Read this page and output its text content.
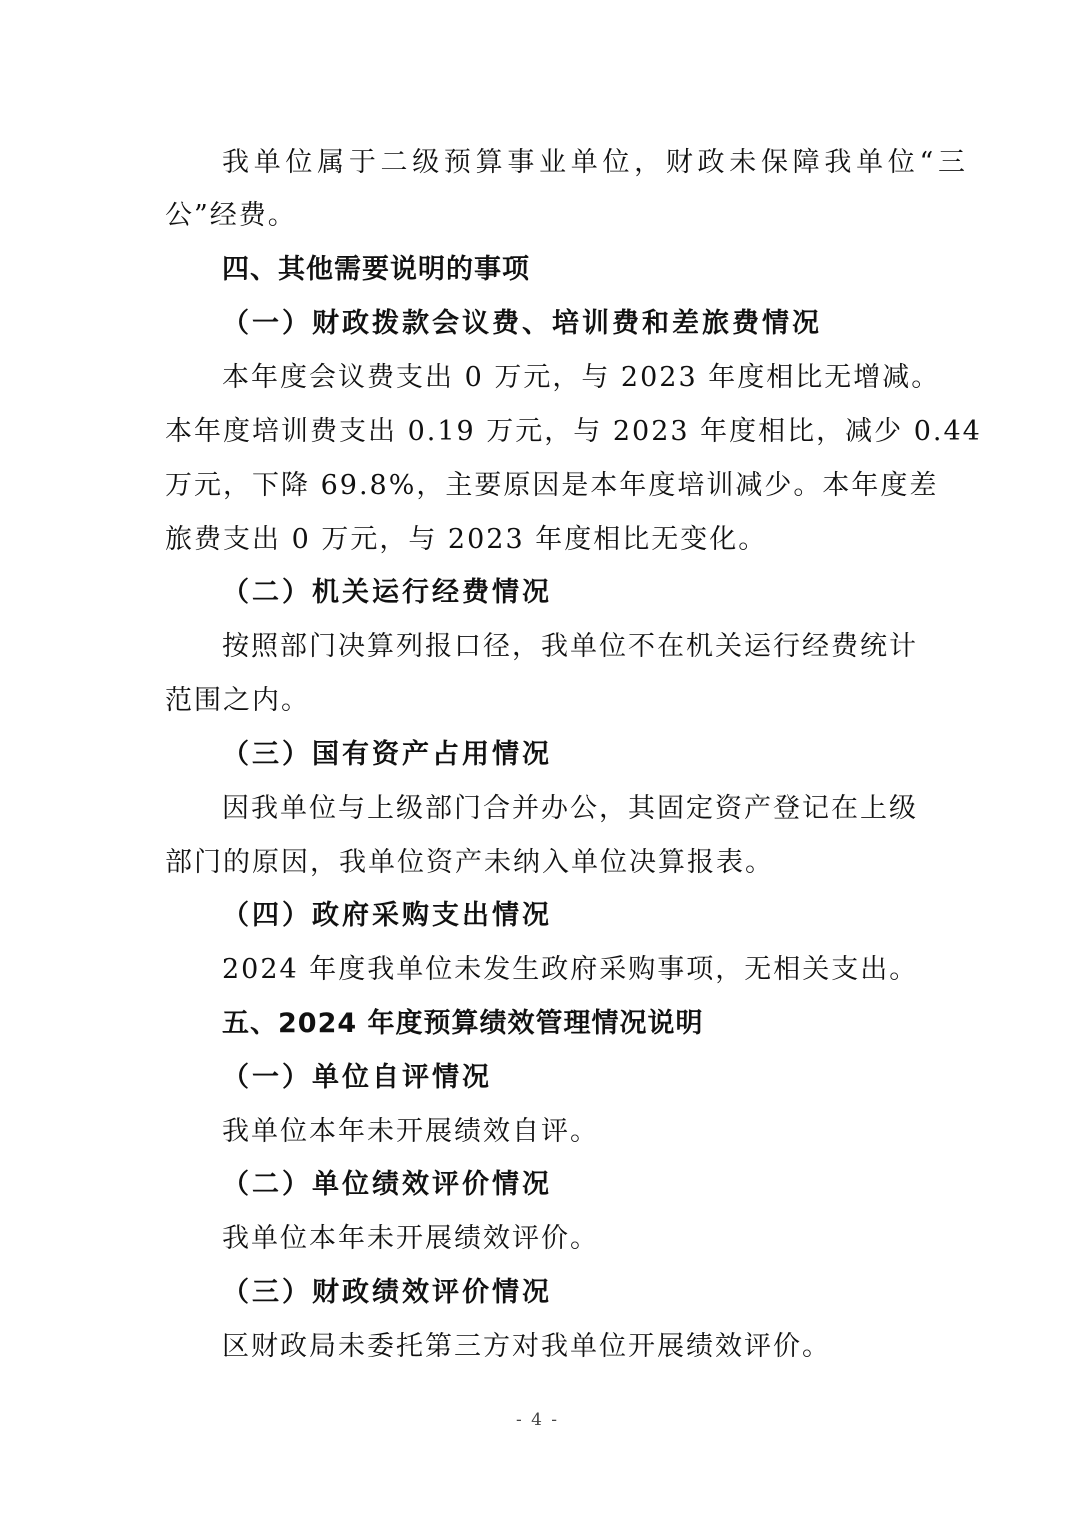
我单位属于二级预算事业单位，财政未保障我单位“三
公”经费。
四、其他需要说明的事项
（一）财政拨款会议费、培训费和差旅费情况
本年度会议费支出 0 万元，与 2023 年度相比无增减。
本年度培训费支出 0.19 万元，与 2023 年度相比，减少 0.44
万元，下降 69.8%，主要原因是本年度培训减少。本年度差
旅费支出 0 万元，与 2023 年度相比无变化。
（二）机关运行经费情况
按照部门决算列报口径，我单位不在机关运行经费统计
范围之内。
（三）国有资产占用情况
因我单位与上级部门合并办公，其固定资产登记在上级
部门的原因，我单位资产未纳入单位决算报表。
（四）政府采购支出情况
2024 年度我单位未发生政府采购事项，无相关支出。
五、2024 年度预算绩效管理情况说明
（一）单位自评情况
我单位本年未开展绩效自评。
（二）单位绩效评价情况
我单位本年未开展绩效评价。
（三）财政绩效评价情况
区财政局未委托第三方对我单位开展绩效评价。
- 4 -
